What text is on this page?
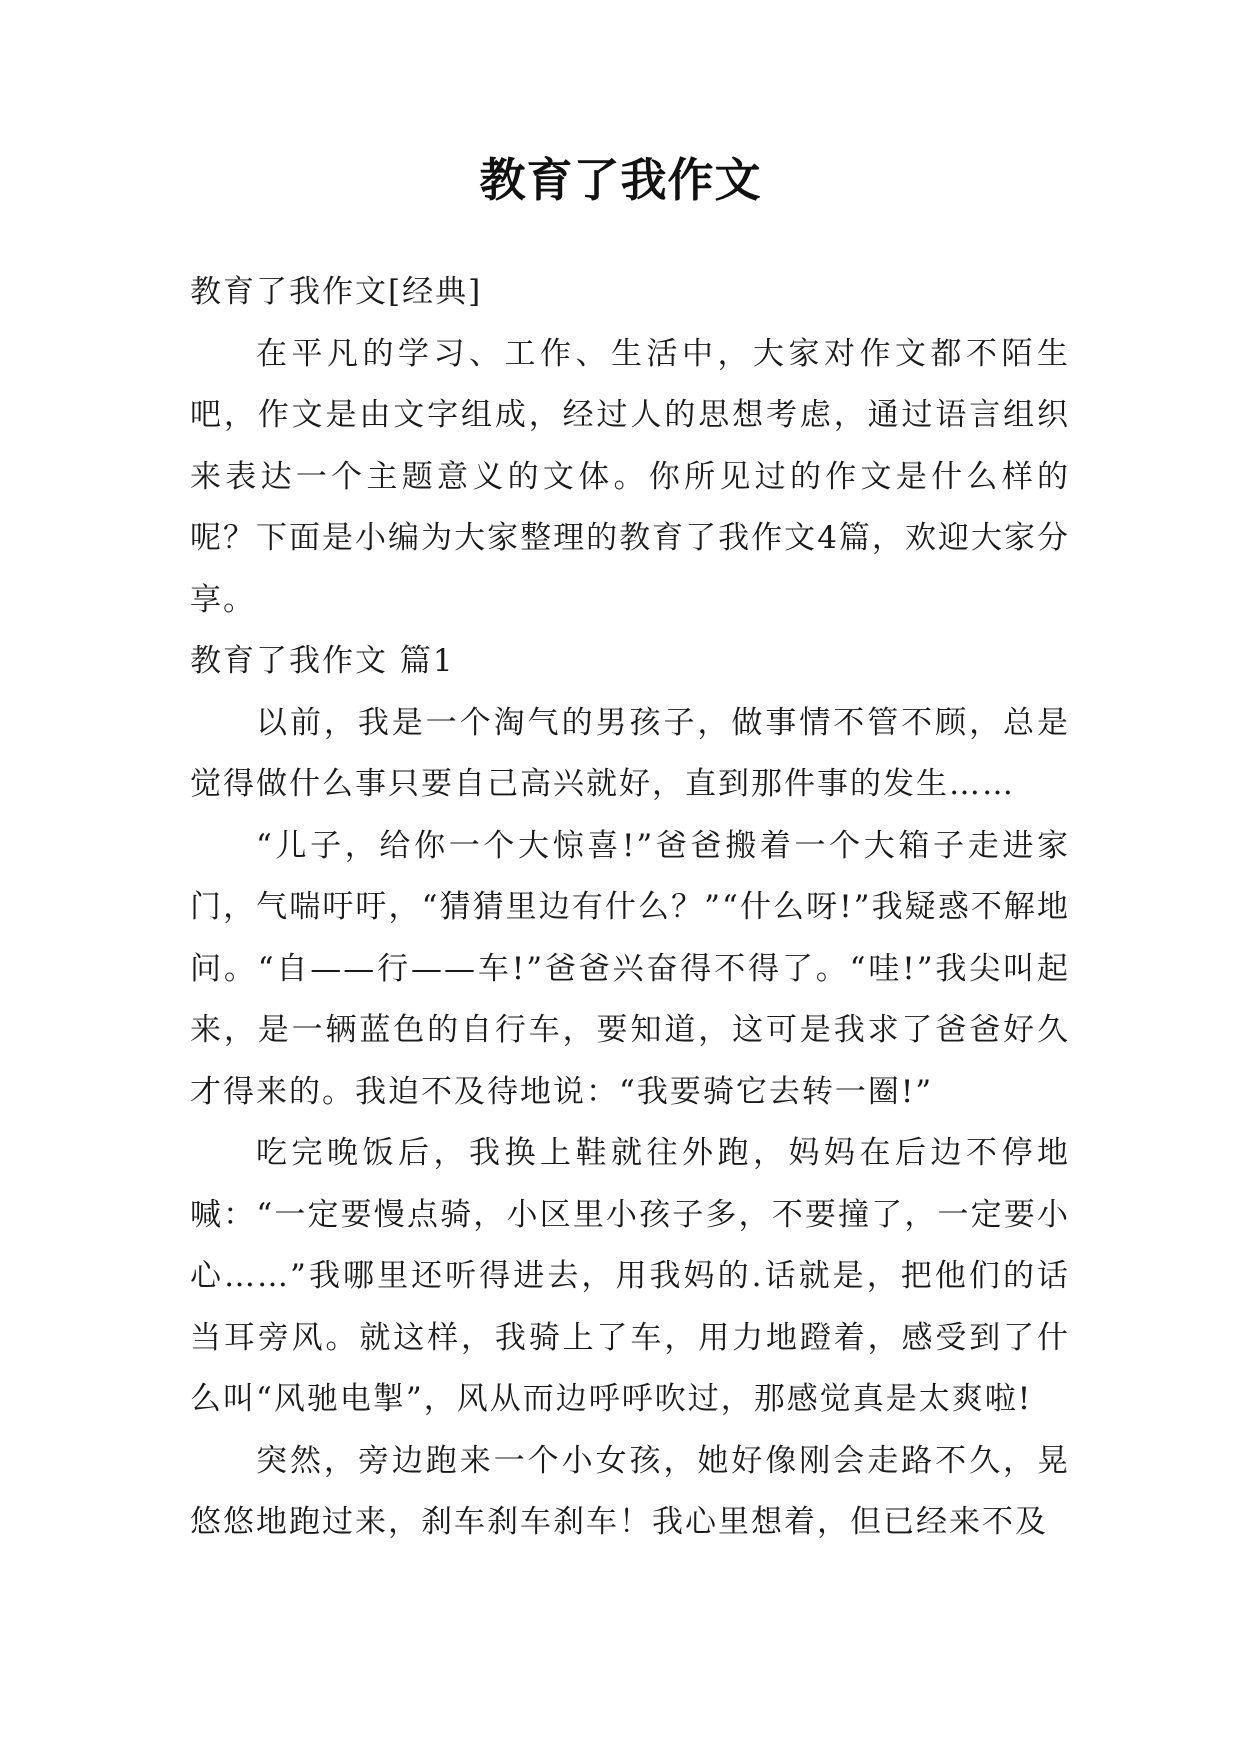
教育了我作文

教育了我作文[经典]

在平凡的学习、工作、生活中，大家对作文都不陌生吧，作文是由文字组成，经过人的思想考虑，通过语言组织来表达一个主题意义的文体。你所见过的作文是什么样的呢？下面是小编为大家整理的教育了我作文4篇，欢迎大家分享。

教育了我作文 篇1

以前，我是一个淘气的男孩子，做事情不管不顾，总是觉得做什么事只要自己高兴就好，直到那件事的发生……

“儿子，给你一个大惊喜!”爸爸搬着一个大箱子走进家门，气喘吁吁，“猜猜里边有什么？”“什么呀!”我疑惑不解地问。“自——行——车!”爸爸兴奋得不得了。“哇!”我尖叫起来，是一辆蓝色的自行车，要知道，这可是我求了爸爸好久才得来的。我迫不及待地说：“我要骑它去转一圈!”

吃完晚饭后，我换上鞋就往外跑，妈妈在后边不停地喊：“一定要慢点骑，小区里小孩子多，不要撞了，一定要小心……”我哪里还听得进去，用我妈的.话就是，把他们的话当耳旁风。就这样，我骑上了车，用力地蹬着，感受到了什么叫“风驰电掣”，风从而边呼呼吹过，那感觉真是太爽啦!

突然，旁边跑来一个小女孩，她好像刚会走路不久，晃悠悠地跑过来，刹车刹车刹车！我心里想着，但已经来不及
